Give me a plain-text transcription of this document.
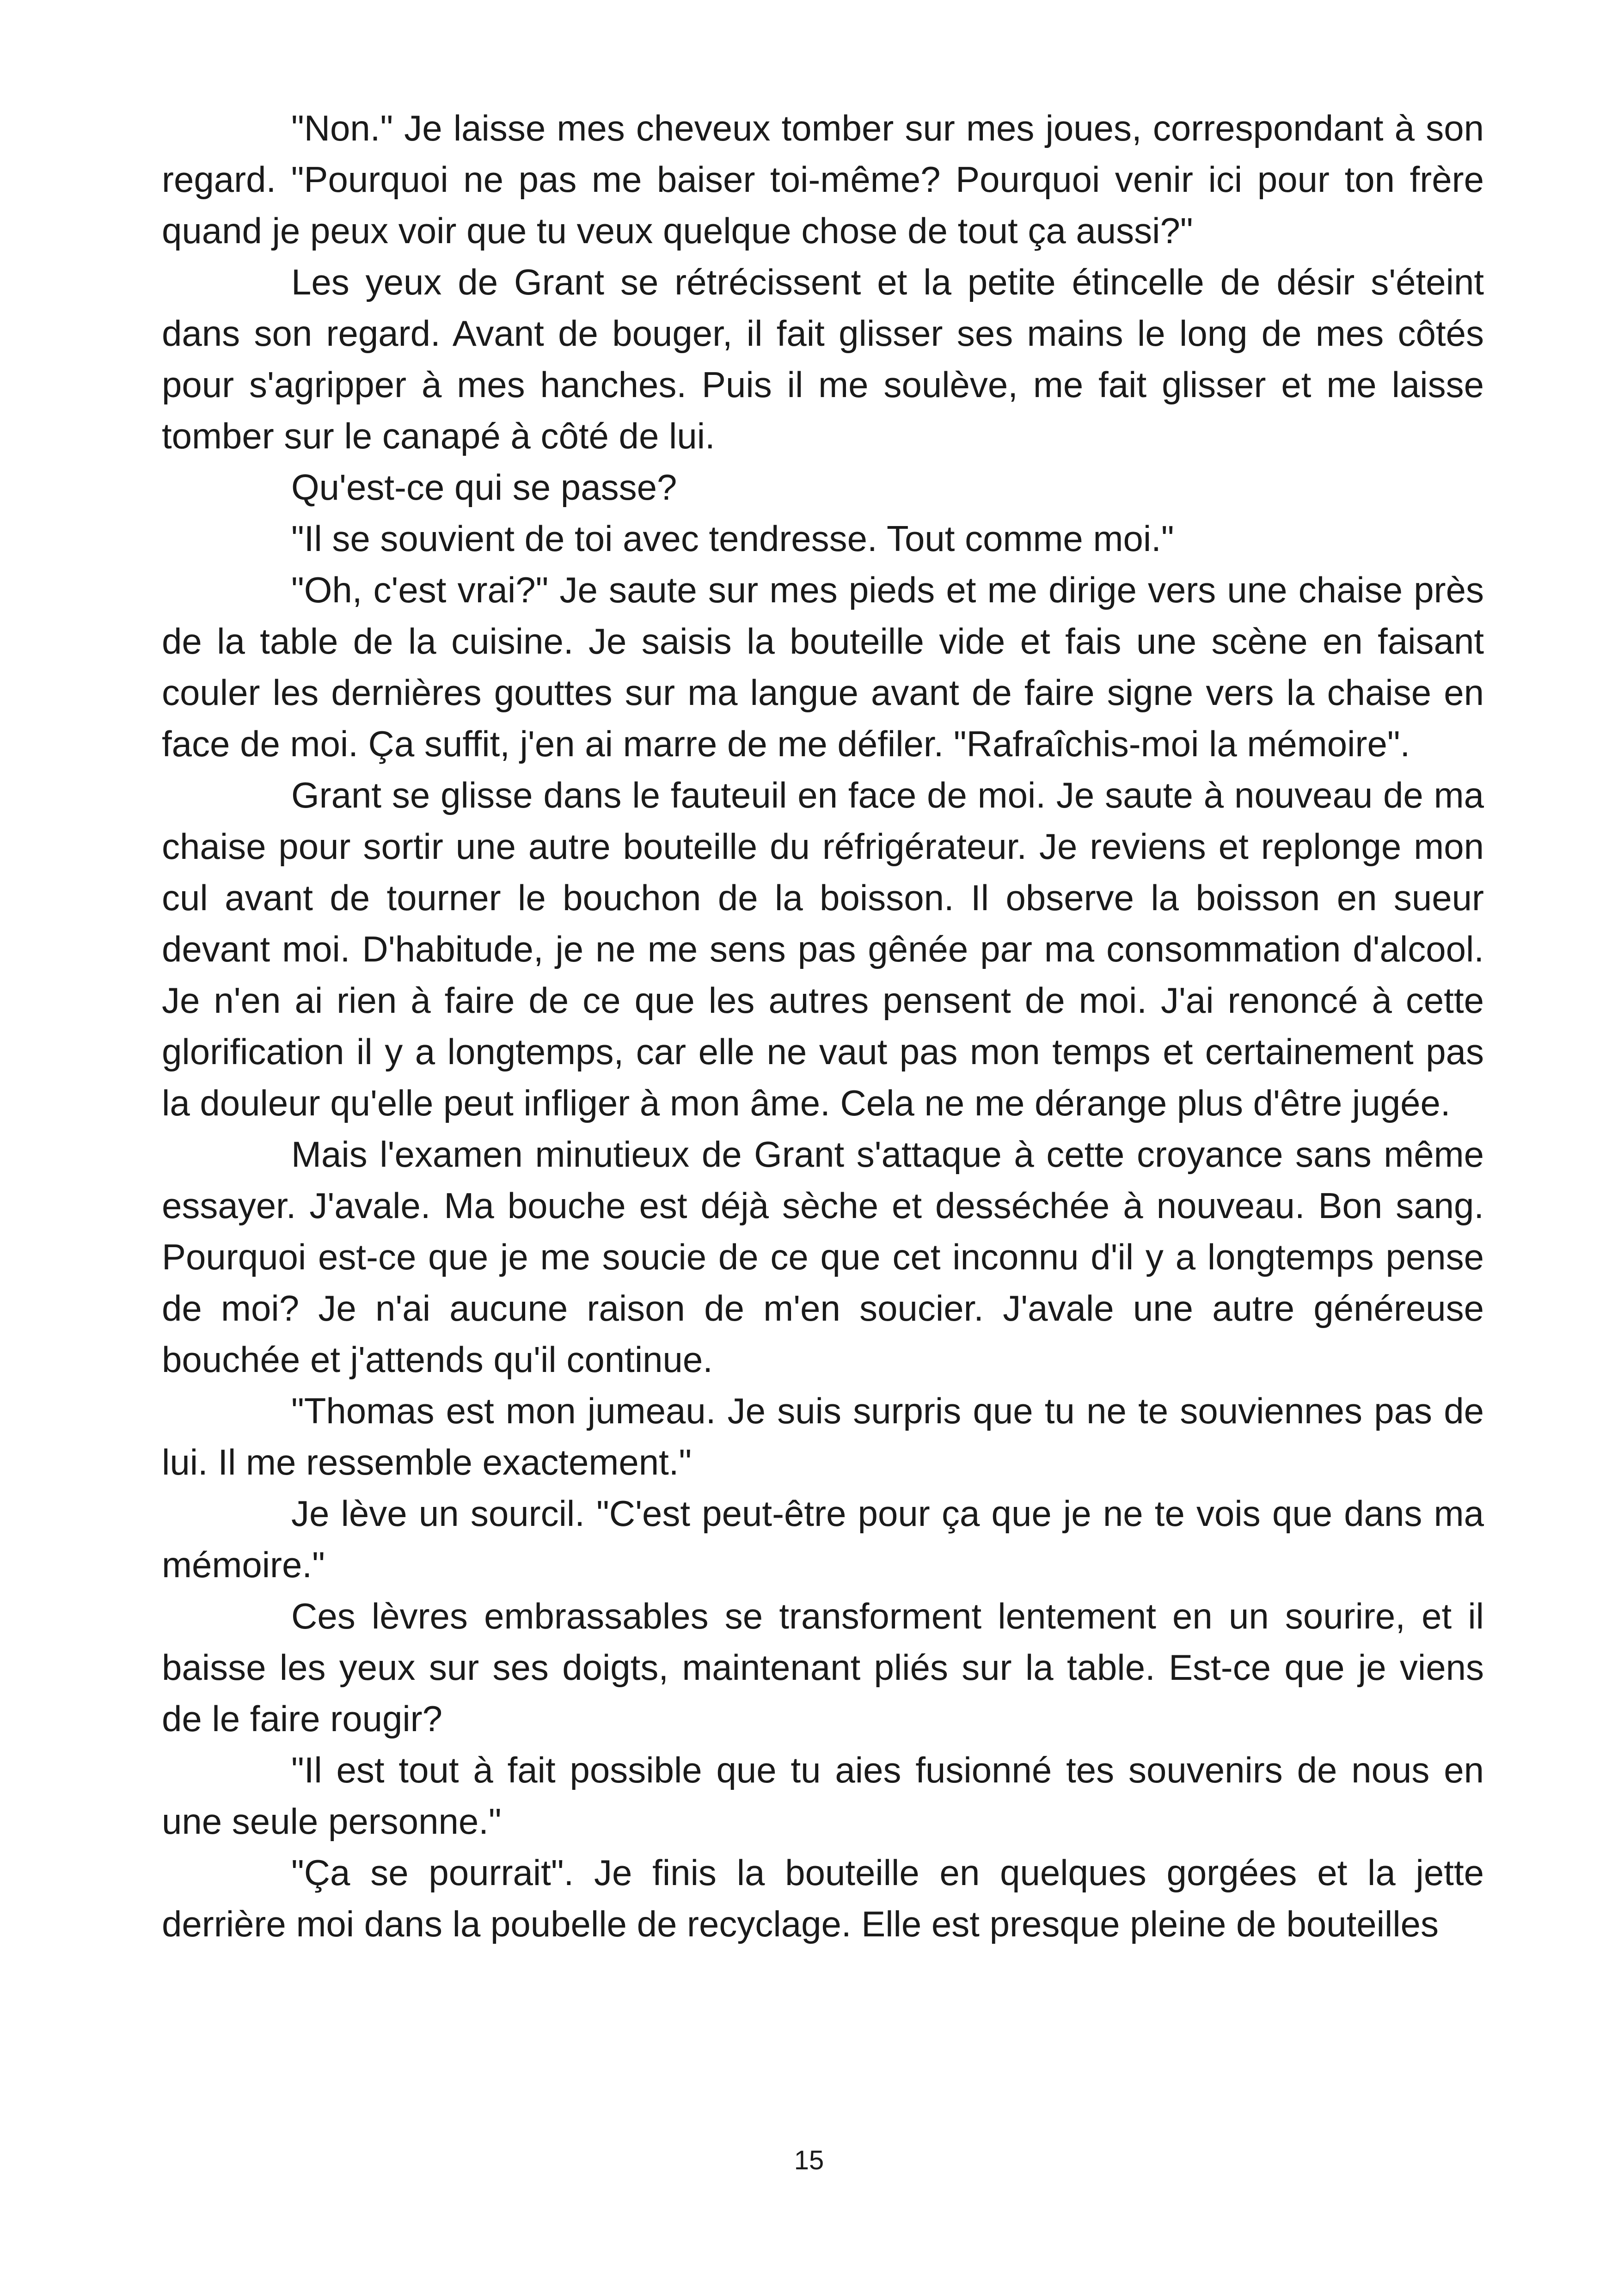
"Non." Je laisse mes cheveux tomber sur mes joues, correspondant à son regard. "Pourquoi ne pas me baiser toi-même? Pourquoi venir ici pour ton frère quand je peux voir que tu veux quelque chose de tout ça aussi?"

Les yeux de Grant se rétrécissent et la petite étincelle de désir s'éteint dans son regard. Avant de bouger, il fait glisser ses mains le long de mes côtés pour s'agripper à mes hanches. Puis il me soulève, me fait glisser et me laisse tomber sur le canapé à côté de lui.

Qu'est-ce qui se passe?

"Il se souvient de toi avec tendresse. Tout comme moi."

"Oh, c'est vrai?" Je saute sur mes pieds et me dirige vers une chaise près de la table de la cuisine. Je saisis la bouteille vide et fais une scène en faisant couler les dernières gouttes sur ma langue avant de faire signe vers la chaise en face de moi. Ça suffit, j'en ai marre de me défiler. "Rafraîchis-moi la mémoire".

Grant se glisse dans le fauteuil en face de moi. Je saute à nouveau de ma chaise pour sortir une autre bouteille du réfrigérateur. Je reviens et replonge mon cul avant de tourner le bouchon de la boisson. Il observe la boisson en sueur devant moi. D'habitude, je ne me sens pas gênée par ma consommation d'alcool. Je n'en ai rien à faire de ce que les autres pensent de moi. J'ai renoncé à cette glorification il y a longtemps, car elle ne vaut pas mon temps et certainement pas la douleur qu'elle peut infliger à mon âme. Cela ne me dérange plus d'être jugée.

Mais l'examen minutieux de Grant s'attaque à cette croyance sans même essayer. J'avale. Ma bouche est déjà sèche et desséchée à nouveau. Bon sang. Pourquoi est-ce que je me soucie de ce que cet inconnu d'il y a longtemps pense de moi? Je n'ai aucune raison de m'en soucier. J'avale une autre généreuse bouchée et j'attends qu'il continue.

"Thomas est mon jumeau. Je suis surpris que tu ne te souviennes pas de lui. Il me ressemble exactement."

Je lève un sourcil. "C'est peut-être pour ça que je ne te vois que dans ma mémoire."

Ces lèvres embrassables se transforment lentement en un sourire, et il baisse les yeux sur ses doigts, maintenant pliés sur la table. Est-ce que je viens de le faire rougir?

"Il est tout à fait possible que tu aies fusionné tes souvenirs de nous en une seule personne."

"Ça se pourrait". Je finis la bouteille en quelques gorgées et la jette derrière moi dans la poubelle de recyclage. Elle est presque pleine de bouteilles

15
